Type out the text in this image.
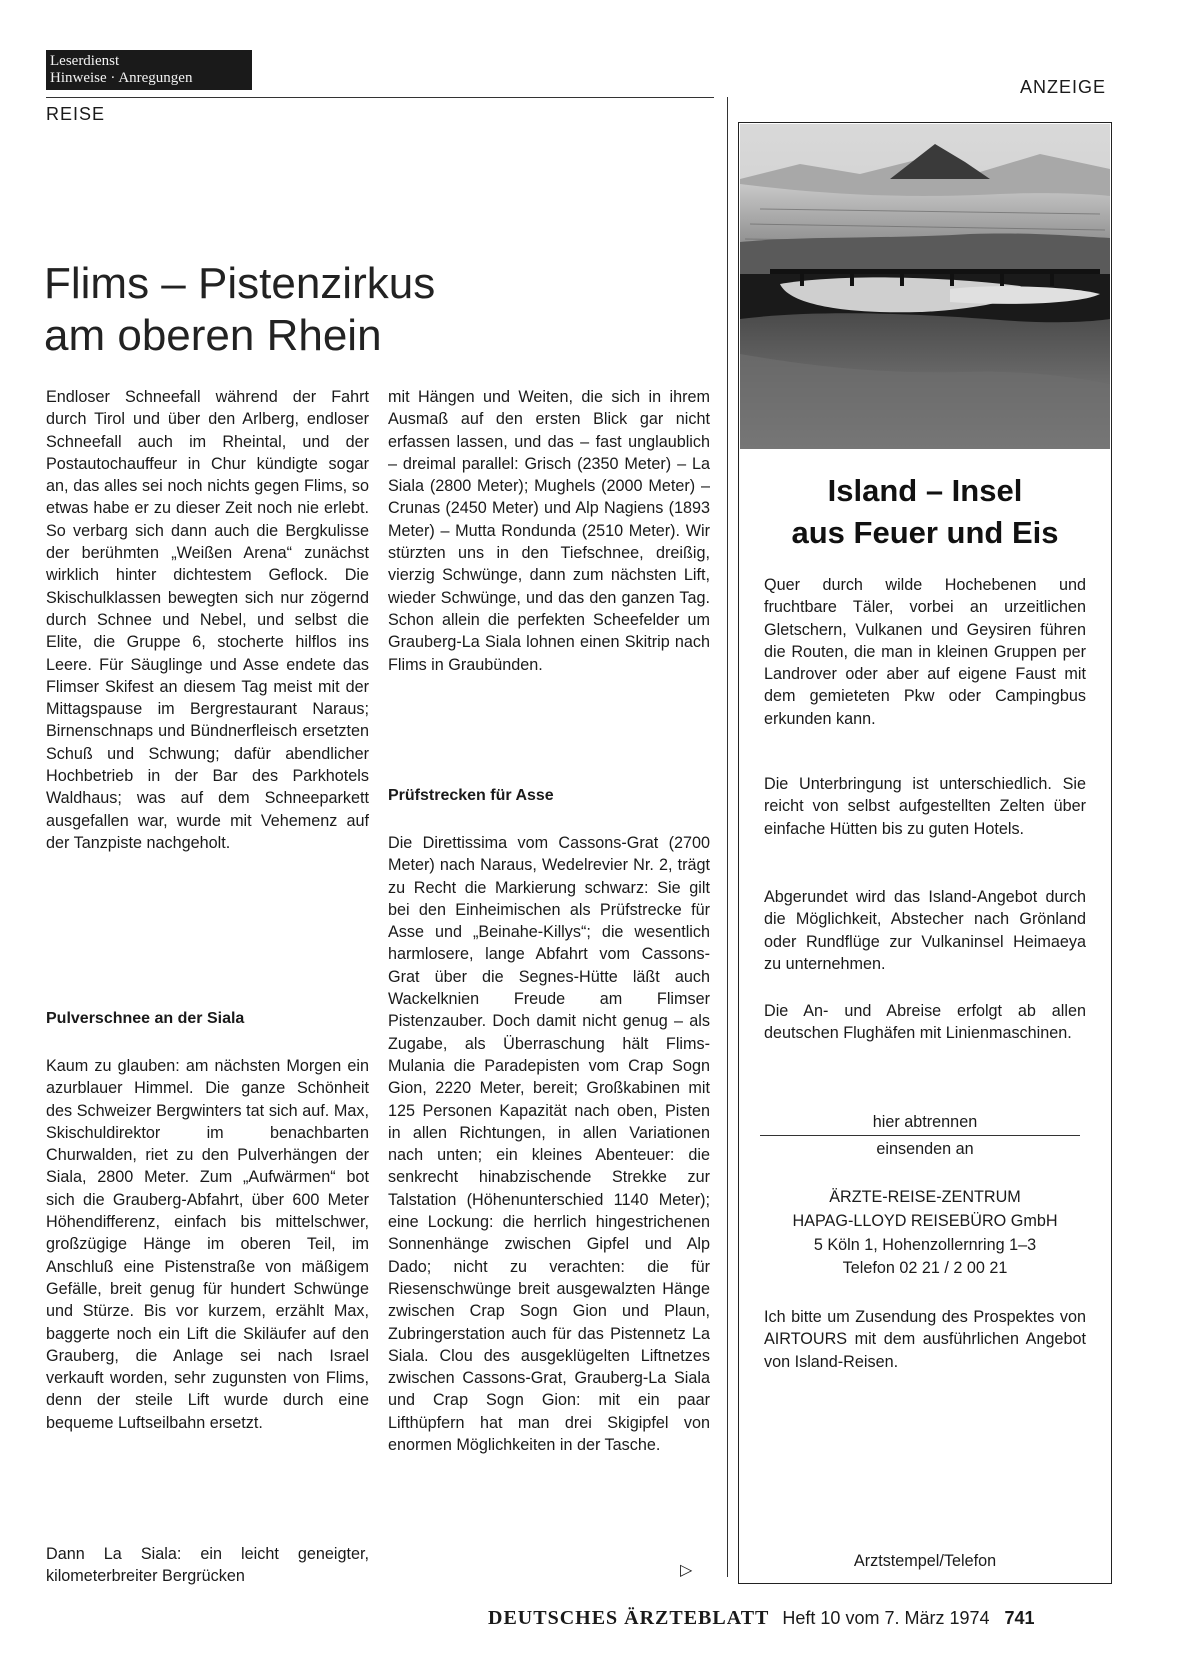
Leserdienst
Hinweise · Anregungen
REISE
ANZEIGE
Flims – Pistenzirkus
am oberen Rhein

Endloser Schneefall während der Fahrt durch Tirol und über den Arlberg, endloser Schneefall auch im Rheintal, und der Postautochauffeur in Chur kündigte sogar an, das alles sei noch nichts gegen Flims, so etwas habe er zu dieser Zeit noch nie erlebt. So verbarg sich dann auch die Bergkulisse der berühmten „Weißen Arena“ zunächst wirklich hinter dichtestem Geflock. Die Skischulklassen bewegten sich nur zögernd durch Schnee und Nebel, und selbst die Elite, die Gruppe 6, stocherte hilflos ins Leere. Für Säuglinge und Asse endete das Flimser Skifest an diesem Tag meist mit der Mittagspause im Bergrestaurant Naraus; Birnenschnaps und Bündnerfleisch ersetzten Schuß und Schwung; dafür abendlicher Hochbetrieb in der Bar des Parkhotels Waldhaus; was auf dem Schneeparkett ausgefallen war, wurde mit Vehemenz auf der Tanzpiste nachgeholt.

Pulverschnee an der Siala

Kaum zu glauben: am nächsten Morgen ein azurblauer Himmel. Die ganze Schönheit des Schweizer Bergwinters tat sich auf. Max, Skischuldirektor im benachbarten Churwalden, riet zu den Pulverhängen der Siala, 2800 Meter. Zum „Aufwärmen“ bot sich die Grauberg-Abfahrt, über 600 Meter Höhendifferenz, einfach bis mittelschwer, großzügige Hänge im oberen Teil, im Anschluß eine Pistenstraße von mäßigem Gefälle, breit genug für hundert Schwünge und Stürze. Bis vor kurzem, erzählt Max, baggerte noch ein Lift die Skiläufer auf den Grauberg, die Anlage sei nach Israel verkauft worden, sehr zugunsten von Flims, denn der steile Lift wurde durch eine bequeme Luftseilbahn ersetzt.

Dann La Siala: ein leicht geneigter, kilometerbreiter Bergrücken

mit Hängen und Weiten, die sich in ihrem Ausmaß auf den ersten Blick gar nicht erfassen lassen, und das – fast unglaublich – dreimal parallel: Grisch (2350 Meter) – La Siala (2800 Meter); Mughels (2000 Meter) – Crunas (2450 Meter) und Alp Nagiens (1893 Meter) – Mutta Rondunda (2510 Meter). Wir stürzten uns in den Tiefschnee, dreißig, vierzig Schwünge, dann zum nächsten Lift, wieder Schwünge, und das den ganzen Tag. Schon allein die perfekten Scheefelder um Grauberg-La Siala lohnen einen Skitrip nach Flims in Graubünden.

Prüfstrecken für Asse

Die Direttissima vom Cassons-Grat (2700 Meter) nach Naraus, Wedelrevier Nr. 2, trägt zu Recht die Markierung schwarz: Sie gilt bei den Einheimischen als Prüfstrecke für Asse und „Beinahe-Killys“; die wesentlich harmlosere, lange Abfahrt vom Cassons-Grat über die Segnes-Hütte läßt auch Wackelknien Freude am Flimser Pistenzauber. Doch damit nicht genug – als Zugabe, als Überraschung hält Flims-Mulania die Paradepisten vom Crap Sogn Gion, 2220 Meter, bereit; Großkabinen mit 125 Personen Kapazität nach oben, Pisten in allen Richtungen, in allen Variationen nach unten; ein kleines Abenteuer: die senkrecht hinabzischende Strekke zur Talstation (Höhenunterschied 1140 Meter); eine Lockung: die herrlich hingestrichenen Sonnenhänge zwischen Gipfel und Alp Dado; nicht zu verachten: die für Riesenschwünge breit ausgewalzten Hänge zwischen Crap Sogn Gion und Plaun, Zubringerstation auch für das Pistennetz La Siala. Clou des ausgeklügelten Liftnetzes zwischen Cassons-Grat, Grauberg-La Siala und Crap Sogn Gion: mit ein paar Lifthüpfern hat man drei Skigipfel von enormen Möglichkeiten in der Tasche.

▷
Island – Insel
aus Feuer und Eis

Quer durch wilde Hochebenen und fruchtbare Täler, vorbei an urzeitlichen Gletschern, Vulkanen und Geysiren führen die Routen, die man in kleinen Gruppen per Landrover oder aber auf eigene Faust mit dem gemieteten Pkw oder Campingbus erkunden kann.

Die Unterbringung ist unterschiedlich. Sie reicht von selbst aufgestellten Zelten über einfache Hütten bis zu guten Hotels.

Abgerundet wird das Island-Angebot durch die Möglichkeit, Abstecher nach Grönland oder Rundflüge zur Vulkaninsel Heimaeya zu unternehmen.

Die An- und Abreise erfolgt ab allen deutschen Flughäfen mit Linienmaschinen.

hier abtrennen
einsenden an
ÄRZTE-REISE-ZENTRUM
HAPAG-LLOYD REISEBÜRO GmbH
5 Köln 1, Hohenzollernring 1–3
Telefon 02 21 / 2 00 21

Ich bitte um Zusendung des Prospektes von AIRTOURS mit dem ausführlichen Angebot von Island-Reisen.

Arztstempel/Telefon
DEUTSCHES ÄRZTEBLATT Heft 10 vom 7. März 1974 741
